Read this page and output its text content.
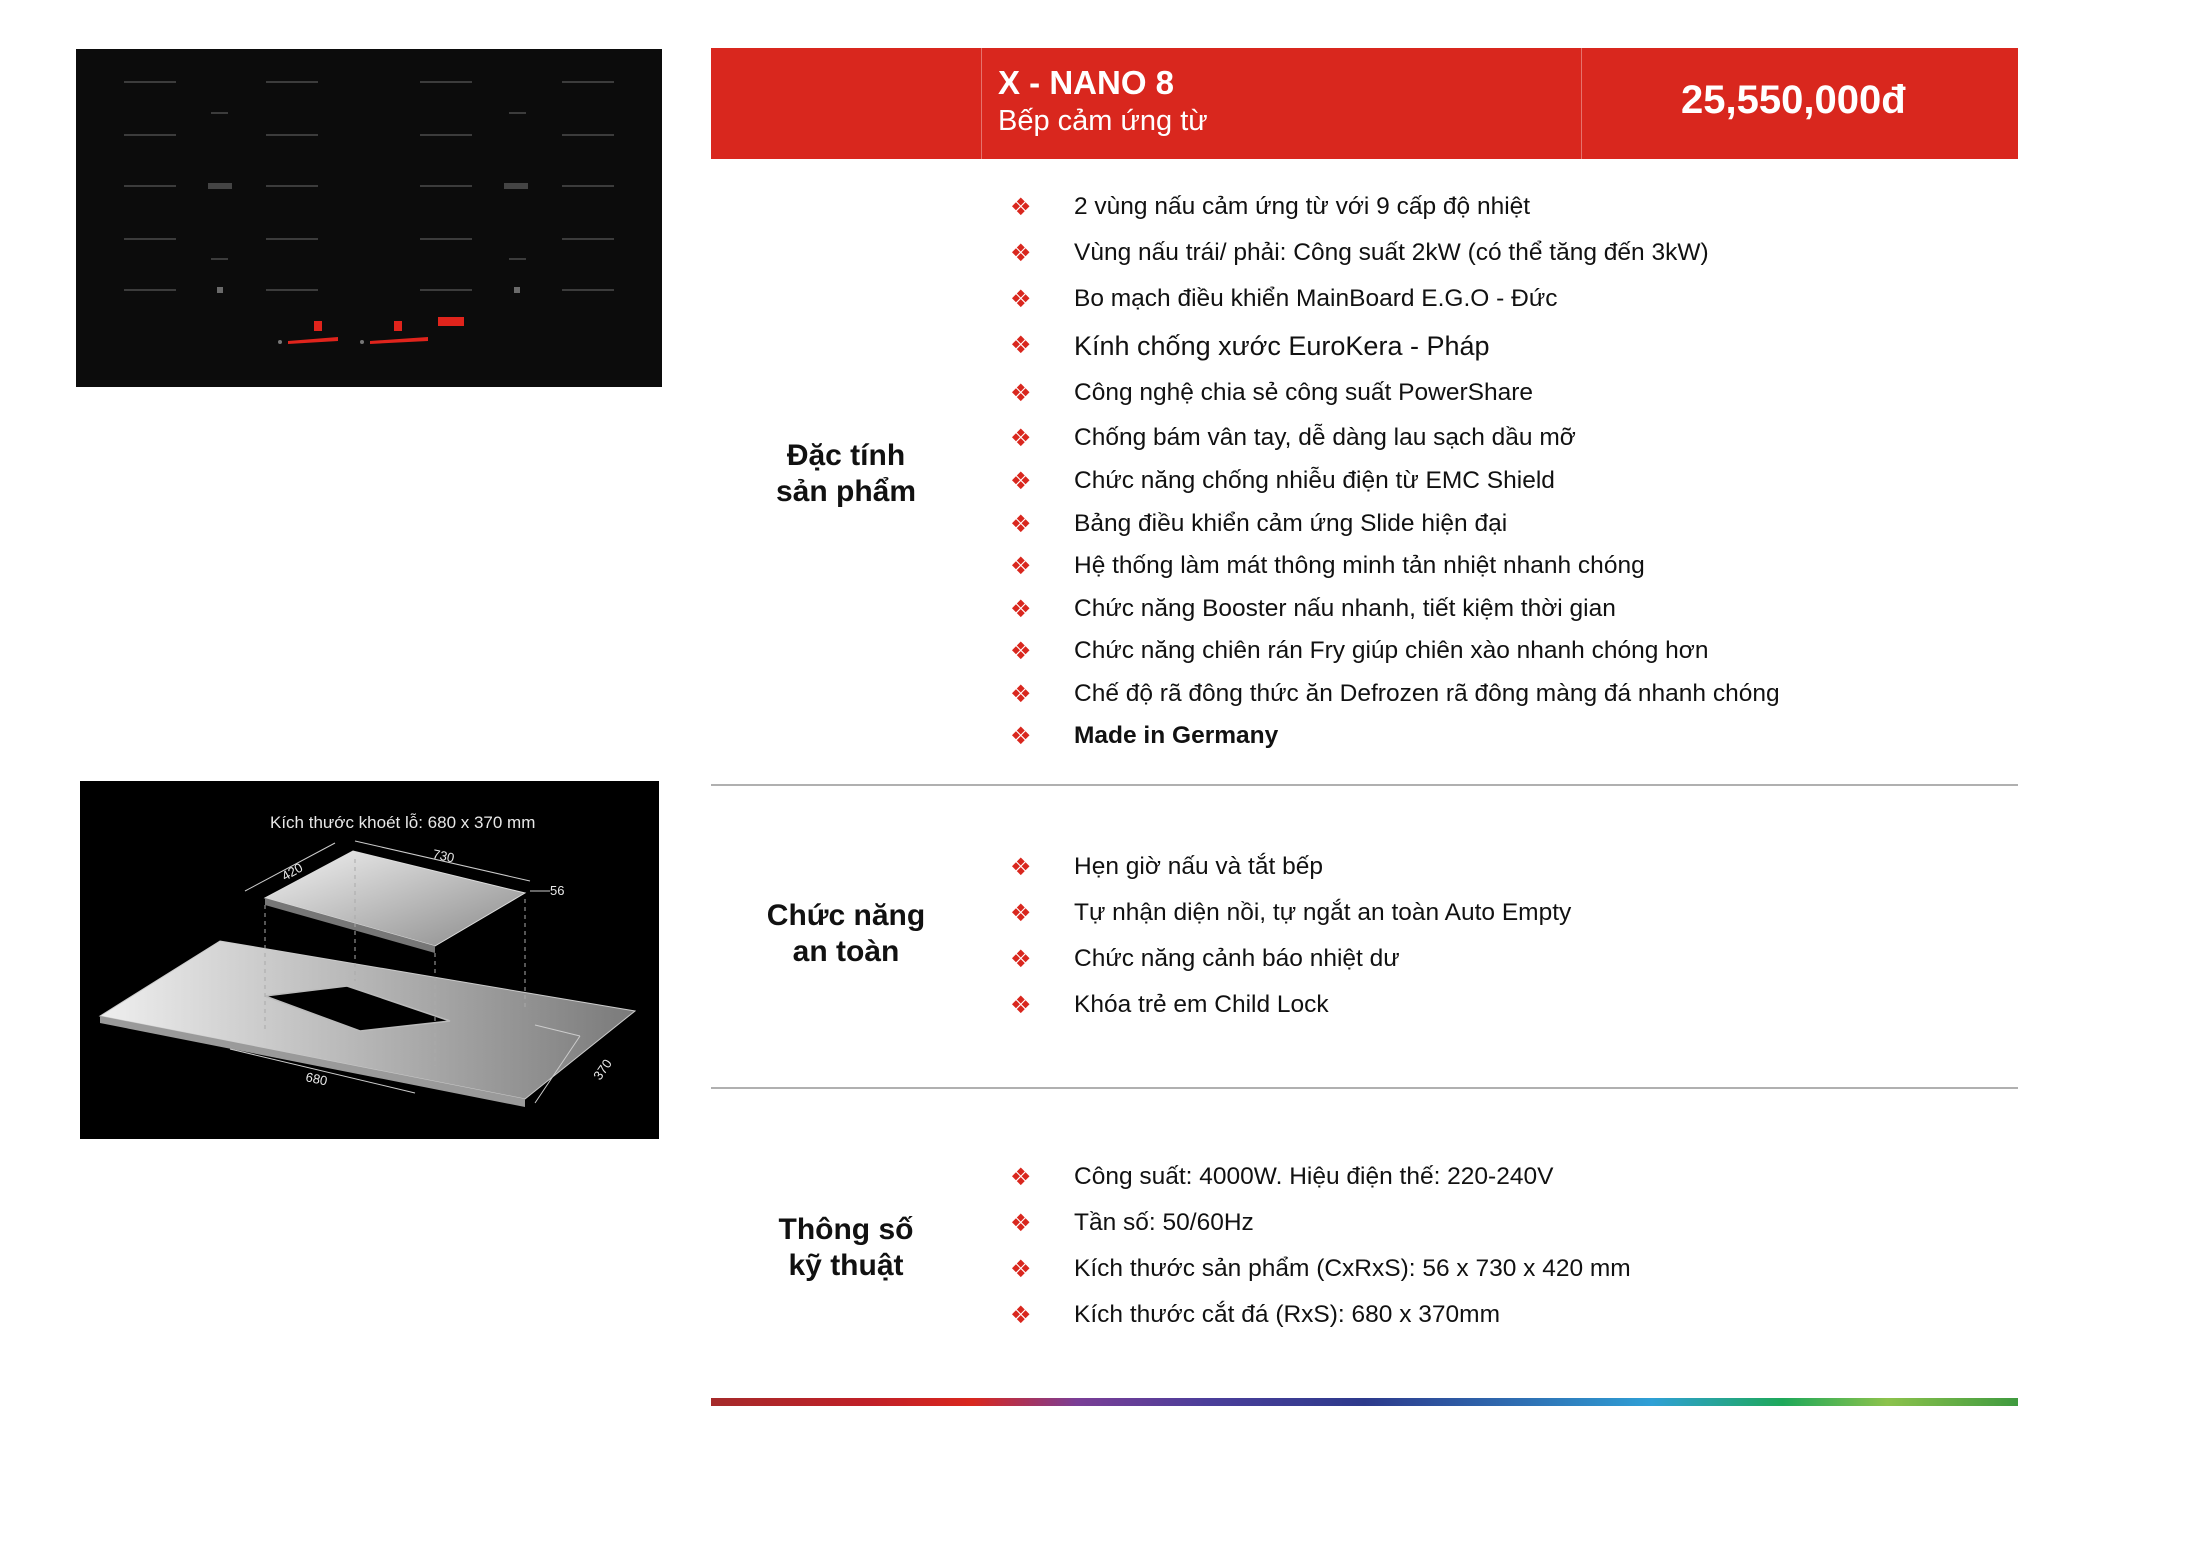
Kích thước khoét lỗ: 680 x 370 mm
730
420
56
680	370
X - NANO 8
Bếp cảm ứng từ	25,550,000đ
Đặc tính
sản phẩm
❖ 2 vùng nấu cảm ứng từ với 9 cấp độ nhiệt
❖ Vùng nấu trái/ phải: Công suất 2kW (có thể tăng đến 3kW)
❖ Bo mạch điều khiển MainBoard E.G.O - Đức
❖ Kính chống xước EuroKera - Pháp
❖ Công nghệ chia sẻ công suất PowerShare
❖ Chống bám vân tay, dễ dàng lau sạch dầu mỡ
❖ Chức năng chống nhiễu điện từ EMC Shield
❖ Bảng điều khiển cảm ứng Slide hiện đại
❖ Hệ thống làm mát thông minh tản nhiệt nhanh chóng
❖ Chức năng Booster nấu nhanh, tiết kiệm thời gian
❖ Chức năng chiên rán Fry giúp chiên xào nhanh chóng hơn
❖ Chế độ rã đông thức ăn Defrozen rã đông màng đá nhanh chóng
❖ Made in Germany
Chức năng
an toàn
❖ Hẹn giờ nấu và tắt bếp
❖ Tự nhận diện nồi, tự ngắt an toàn Auto Empty
❖ Chức năng cảnh báo nhiệt dư
❖ Khóa trẻ em Child Lock
Thông số
kỹ thuật
❖ Công suất: 4000W. Hiệu điện thế: 220-240V
❖ Tần số: 50/60Hz
❖ Kích thước sản phẩm (CxRxS): 56 x 730 x 420 mm
❖ Kích thước cắt đá (RxS): 680 x 370mm
